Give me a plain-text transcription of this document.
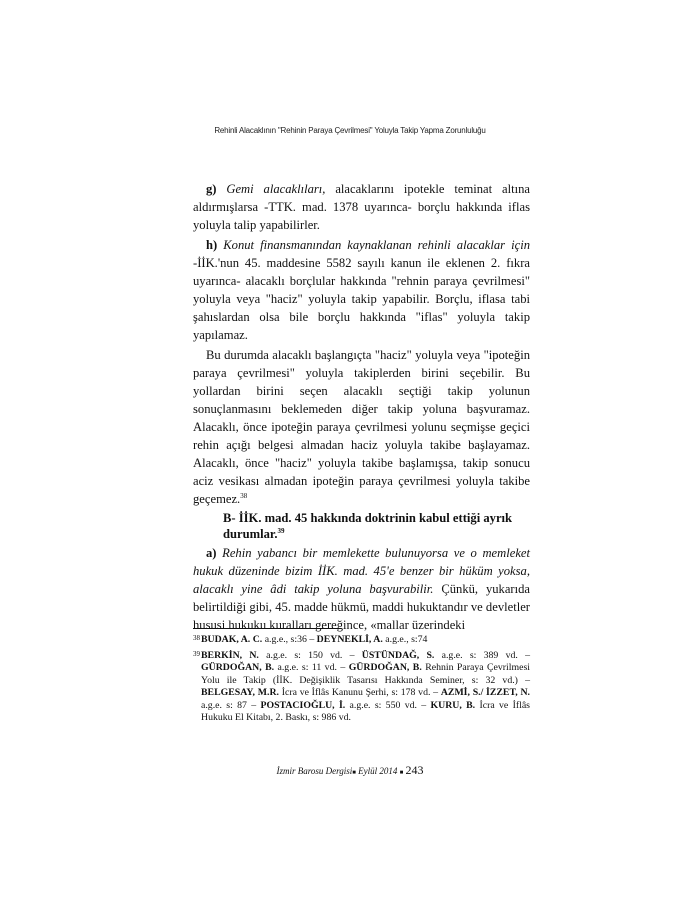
Rehinli Alacaklının "Rehinin Paraya Çevrilmesi" Yoluyla Takip Yapma Zorunluluğu

g) Gemi alacaklıları, alacaklarını ipotekle teminat altına aldırmışlarsa -TTK. mad. 1378 uyarınca- borçlu hakkında iflas yoluyla talip yapabilirler.

h) Konut finansmanından kaynaklanan rehinli alacaklar için -İİK.'nun 45. maddesine 5582 sayılı kanun ile eklenen 2. fıkra uyarınca- alacaklı borçlular hakkında "rehnin paraya çevrilmesi" yoluyla veya "haciz" yoluyla takip yapabilir. Borçlu, iflasa tabi şahıslardan olsa bile borçlu hakkında "iflas" yoluyla takip yapılamaz.

Bu durumda alacaklı başlangıçta "haciz" yoluyla veya "ipoteğin paraya çevrilmesi" yoluyla takiplerden birini seçebilir. Bu yollardan birini seçen alacaklı seçtiği takip yolunun sonuçlanmasını beklemeden diğer takip yoluna başvuramaz. Alacaklı, önce ipoteğin paraya çevrilmesi yolunu seçmişse geçici rehin açığı belgesi almadan haciz yoluyla takibe başlayamaz. Alacaklı, önce "haciz" yoluyla takibe başlamışsa, takip sonucu aciz vesikası almadan ipoteğin paraya çevrilmesi yoluyla takibe geçemez.$^{38}$

B- İİK. mad. 45 hakkında doktrinin kabul ettiği ayrık
durumlar.$^{39}$

a) Rehin yabancı bir memlekette bulunuyorsa ve o memleket hukuk düzeninde bizim İİK. mad. 45'e benzer bir hüküm yoksa, alacaklı yine âdi takip yoluna başvurabilir. Çünkü, yukarıda belirtildiği gibi, 45. madde hükmü, maddi hukuktandır ve devletler hususi hukuku kuralları gereğince, «mallar üzerindeki

38 BUDAK, A. C. a.g.e., s:36 – DEYNEKLİ, A. a.g.e., s:74
39 BERKİN, N. a.g.e. s: 150 vd. – ÜSTÜNDAĞ, S. a.g.e. s: 389 vd. – GÜRDOĞAN, B. a.g.e. s: 11 vd. – GÜRDOĞAN, B. Rehnin Paraya Çevrilmesi Yolu ile Takip (İİK. Değişiklik Tasarısı Hakkında Seminer, s: 32 vd.) – BELGESAY, M.R. İcra ve İflâs Kanunu Şerhi, s: 178 vd. – AZMİ, S./ İZZET, N. a.g.e. s: 87 – POSTACIOĞLU, İ. a.g.e. s: 550 vd. – KURU, B. İcra ve İflâs Hukuku El Kitabı, 2. Baskı, s: 986 vd.
İzmir Barosu Dergisi■ Eylül 2014 ■ 243
